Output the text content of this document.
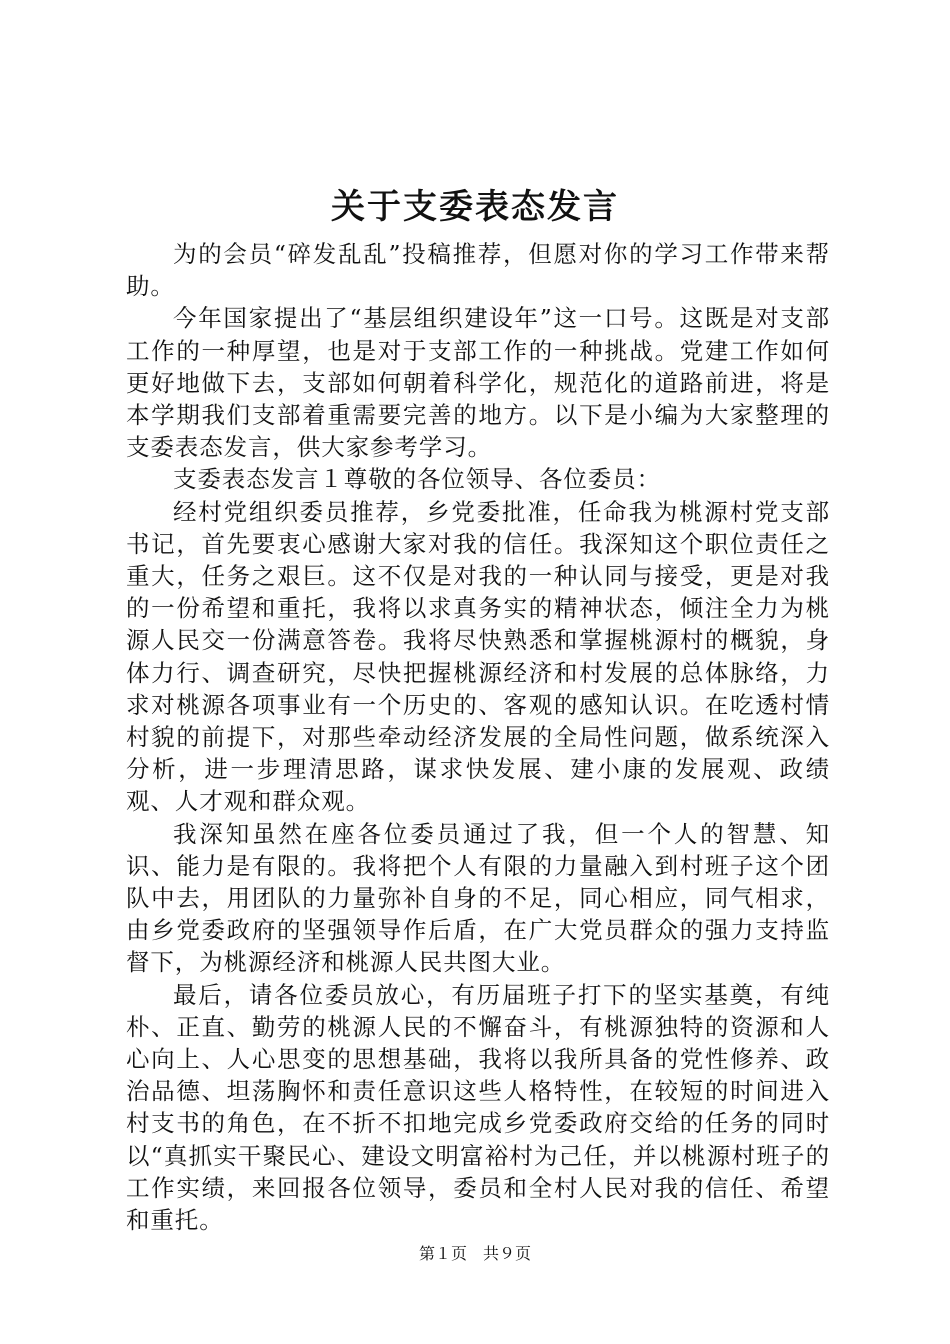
关于支委表态发言

为的会员“碎发乱乱”投稿推荐，但愿对你的学习工作带来帮助。

今年国家提出了“基层组织建设年”这一口号。这既是对支部工作的一种厚望，也是对于支部工作的一种挑战。党建工作如何更好地做下去，支部如何朝着科学化，规范化的道路前进，将是本学期我们支部着重需要完善的地方。以下是小编为大家整理的支委表态发言，供大家参考学习。

支委表态发言１尊敬的各位领导、各位委员：

经村党组织委员推荐，乡党委批准，任命我为桃源村党支部书记，首先要衷心感谢大家对我的信任。我深知这个职位责任之重大，任务之艰巨。这不仅是对我的一种认同与接受，更是对我的一份希望和重托，我将以求真务实的精神状态，倾注全力为桃源人民交一份满意答卷。我将尽快熟悉和掌握桃源村的概貌，身体力行、调查研究，尽快把握桃源经济和村发展的总体脉络，力求对桃源各项事业有一个历史的、客观的感知认识。在吃透村情村貌的前提下，对那些牵动经济发展的全局性问题，做系统深入分析，进一步理清思路，谋求快发展、建小康的发展观、政绩观、人才观和群众观。

我深知虽然在座各位委员通过了我，但一个人的智慧、知识、能力是有限的。我将把个人有限的力量融入到村班子这个团队中去，用团队的力量弥补自身的不足，同心相应，同气相求，由乡党委政府的坚强领导作后盾，在广大党员群众的强力支持监督下，为桃源经济和桃源人民共图大业。

最后，请各位委员放心，有历届班子打下的坚实基奠，有纯朴、正直、勤劳的桃源人民的不懈奋斗，有桃源独特的资源和人心向上、人心思变的思想基础，我将以我所具备的党性修养、政治品德、坦荡胸怀和责任意识这些人格特性，在较短的时间进入村支书的角色，在不折不扣地完成乡党委政府交给的任务的同时以“真抓实干聚民心、建设文明富裕村为己任，并以桃源村班子的工作实绩，来回报各位领导，委员和全村人民对我的信任、希望和重托。

第１页　共９页
